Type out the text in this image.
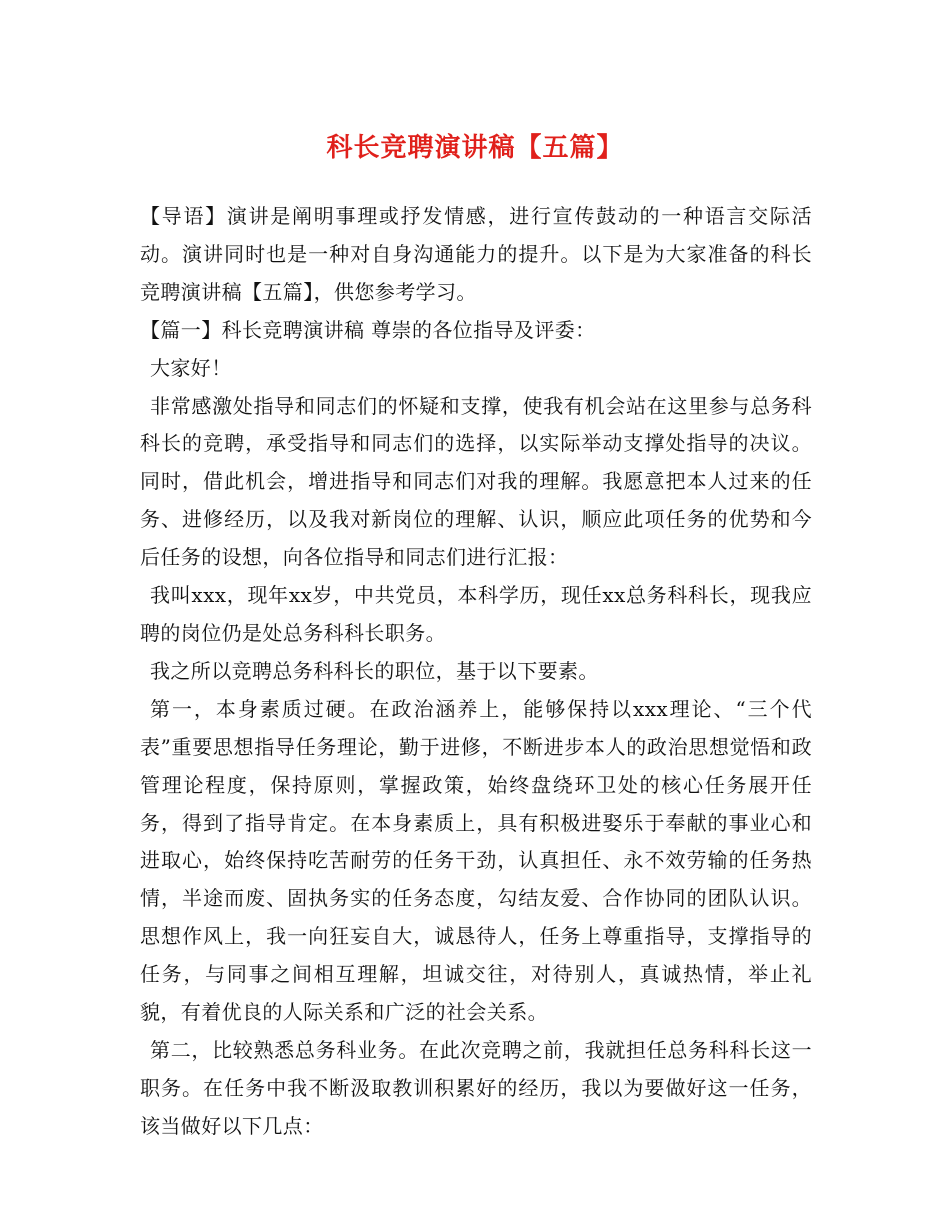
科长竞聘演讲稿【五篇】

【导语】演讲是阐明事理或抒发情感，进行宣传鼓动的一种语言交际活动。演讲同时也是一种对自身沟通能力的提升。以下是为大家准备的科长竞聘演讲稿【五篇】，供您参考学习。

【篇一】科长竞聘演讲稿 尊崇的各位指导及评委：

大家好！

非常感激处指导和同志们的怀疑和支撑，使我有机会站在这里参与总务科科长的竞聘，承受指导和同志们的选择，以实际举动支撑处指导的决议。同时，借此机会，增进指导和同志们对我的理解。我愿意把本人过来的任务、进修经历，以及我对新岗位的理解、认识，顺应此项任务的优势和今后任务的设想，向各位指导和同志们进行汇报：

我叫xxx，现年xx岁，中共党员，本科学历，现任xx总务科科长，现我应聘的岗位仍是处总务科科长职务。

我之所以竞聘总务科科长的职位，基于以下要素。

第一，本身素质过硬。在政治涵养上，能够保持以xxx理论、“三个代表”重要思想指导任务理论，勤于进修，不断进步本人的政治思想觉悟和政管理论程度，保持原则，掌握政策，始终盘绕环卫处的核心任务展开任务，得到了指导肯定。在本身素质上，具有积极进娶乐于奉献的事业心和进取心，始终保持吃苦耐劳的任务干劲，认真担任、永不效劳输的任务热情，半途而废、固执务实的任务态度，勾结友爱、合作协同的团队认识。思想作风上，我一向狂妄自大，诚恳待人，任务上尊重指导，支撑指导的任务，与同事之间相互理解，坦诚交往，对待别人，真诚热情，举止礼貌，有着优良的人际关系和广泛的社会关系。

第二，比较熟悉总务科业务。在此次竞聘之前，我就担任总务科科长这一职务。在任务中我不断汲取教训积累好的经历，我以为要做好这一任务，该当做好以下几点：
